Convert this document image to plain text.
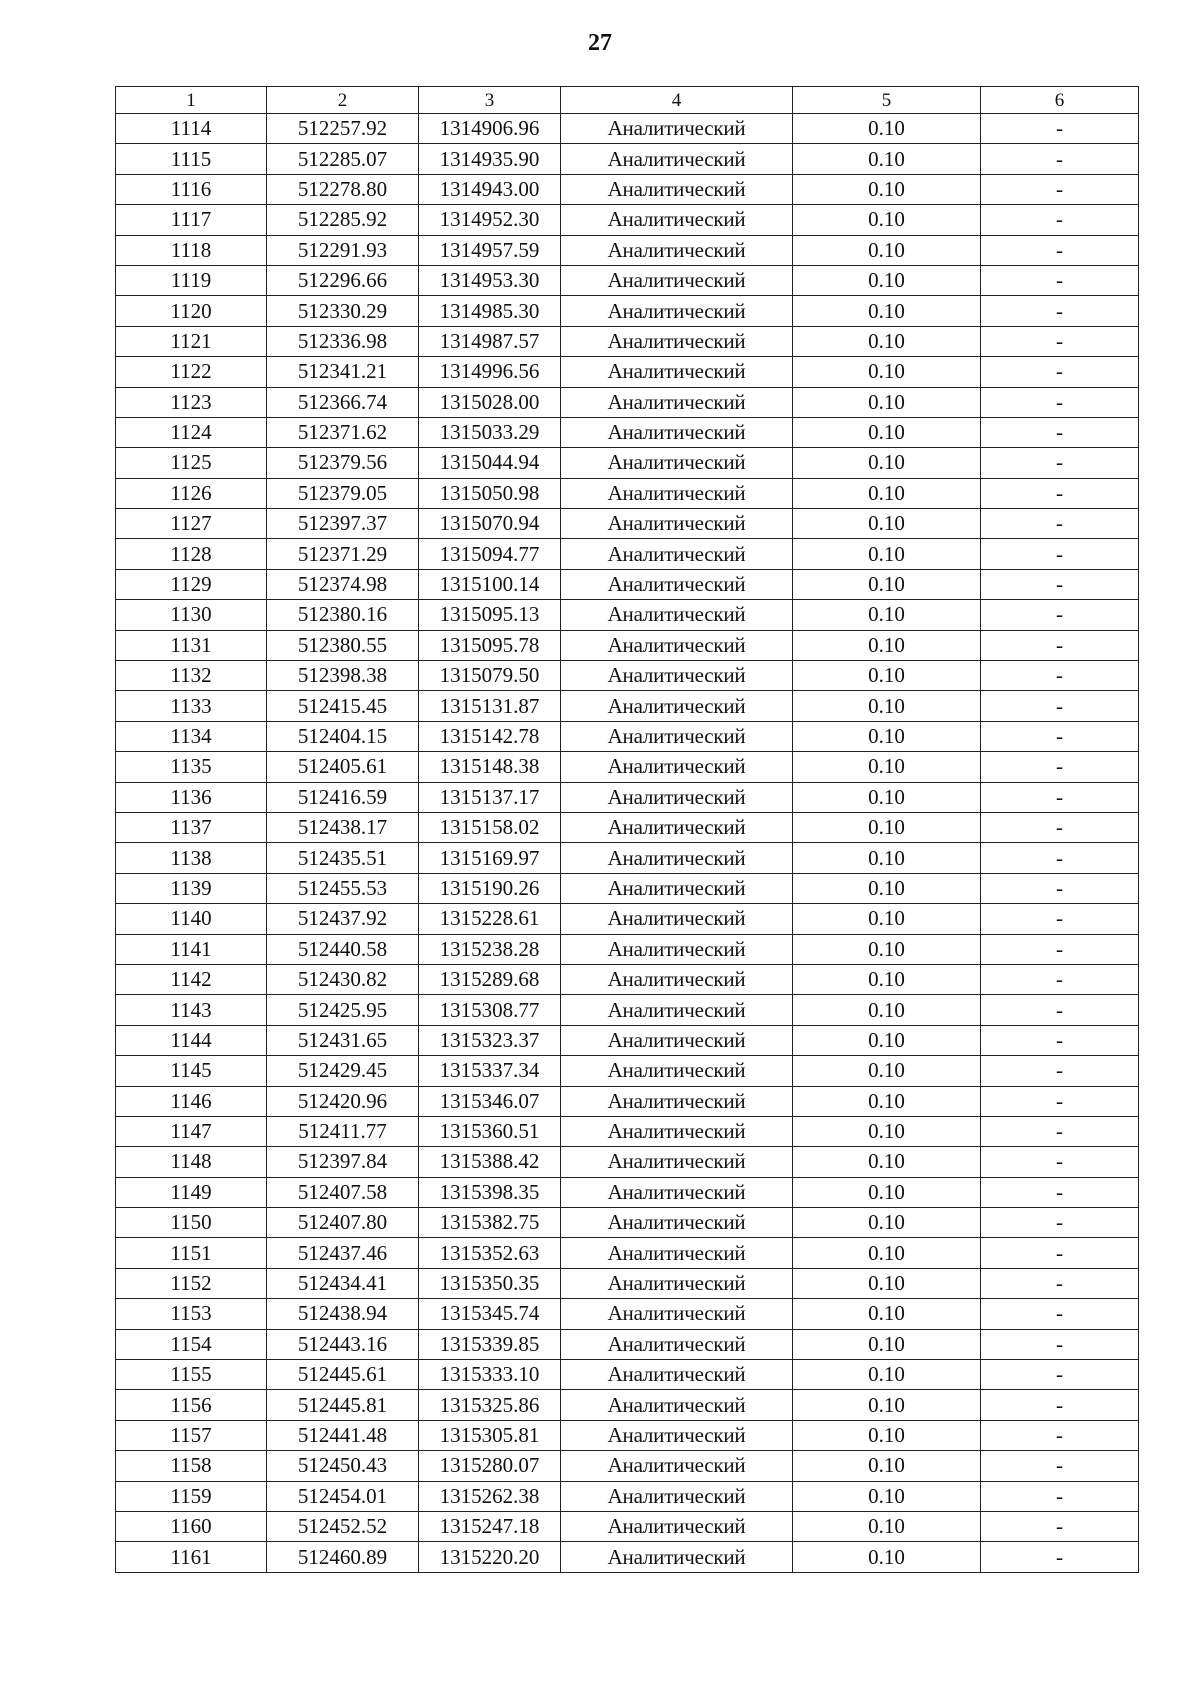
27
1	2	3	4	5	6
1114	512257.92	1314906.96	Аналитический	0.10	-
1115	512285.07	1314935.90	Аналитический	0.10	-
1116	512278.80	1314943.00	Аналитический	0.10	-
1117	512285.92	1314952.30	Аналитический	0.10	-
1118	512291.93	1314957.59	Аналитический	0.10	-
1119	512296.66	1314953.30	Аналитический	0.10	-
1120	512330.29	1314985.30	Аналитический	0.10	-
1121	512336.98	1314987.57	Аналитический	0.10	-
1122	512341.21	1314996.56	Аналитический	0.10	-
1123	512366.74	1315028.00	Аналитический	0.10	-
1124	512371.62	1315033.29	Аналитический	0.10	-
1125	512379.56	1315044.94	Аналитический	0.10	-
1126	512379.05	1315050.98	Аналитический	0.10	-
1127	512397.37	1315070.94	Аналитический	0.10	-
1128	512371.29	1315094.77	Аналитический	0.10	-
1129	512374.98	1315100.14	Аналитический	0.10	-
1130	512380.16	1315095.13	Аналитический	0.10	-
1131	512380.55	1315095.78	Аналитический	0.10	-
1132	512398.38	1315079.50	Аналитический	0.10	-
1133	512415.45	1315131.87	Аналитический	0.10	-
1134	512404.15	1315142.78	Аналитический	0.10	-
1135	512405.61	1315148.38	Аналитический	0.10	-
1136	512416.59	1315137.17	Аналитический	0.10	-
1137	512438.17	1315158.02	Аналитический	0.10	-
1138	512435.51	1315169.97	Аналитический	0.10	-
1139	512455.53	1315190.26	Аналитический	0.10	-
1140	512437.92	1315228.61	Аналитический	0.10	-
1141	512440.58	1315238.28	Аналитический	0.10	-
1142	512430.82	1315289.68	Аналитический	0.10	-
1143	512425.95	1315308.77	Аналитический	0.10	-
1144	512431.65	1315323.37	Аналитический	0.10	-
1145	512429.45	1315337.34	Аналитический	0.10	-
1146	512420.96	1315346.07	Аналитический	0.10	-
1147	512411.77	1315360.51	Аналитический	0.10	-
1148	512397.84	1315388.42	Аналитический	0.10	-
1149	512407.58	1315398.35	Аналитический	0.10	-
1150	512407.80	1315382.75	Аналитический	0.10	-
1151	512437.46	1315352.63	Аналитический	0.10	-
1152	512434.41	1315350.35	Аналитический	0.10	-
1153	512438.94	1315345.74	Аналитический	0.10	-
1154	512443.16	1315339.85	Аналитический	0.10	-
1155	512445.61	1315333.10	Аналитический	0.10	-
1156	512445.81	1315325.86	Аналитический	0.10	-
1157	512441.48	1315305.81	Аналитический	0.10	-
1158	512450.43	1315280.07	Аналитический	0.10	-
1159	512454.01	1315262.38	Аналитический	0.10	-
1160	512452.52	1315247.18	Аналитический	0.10	-
1161	512460.89	1315220.20	Аналитический	0.10	-
